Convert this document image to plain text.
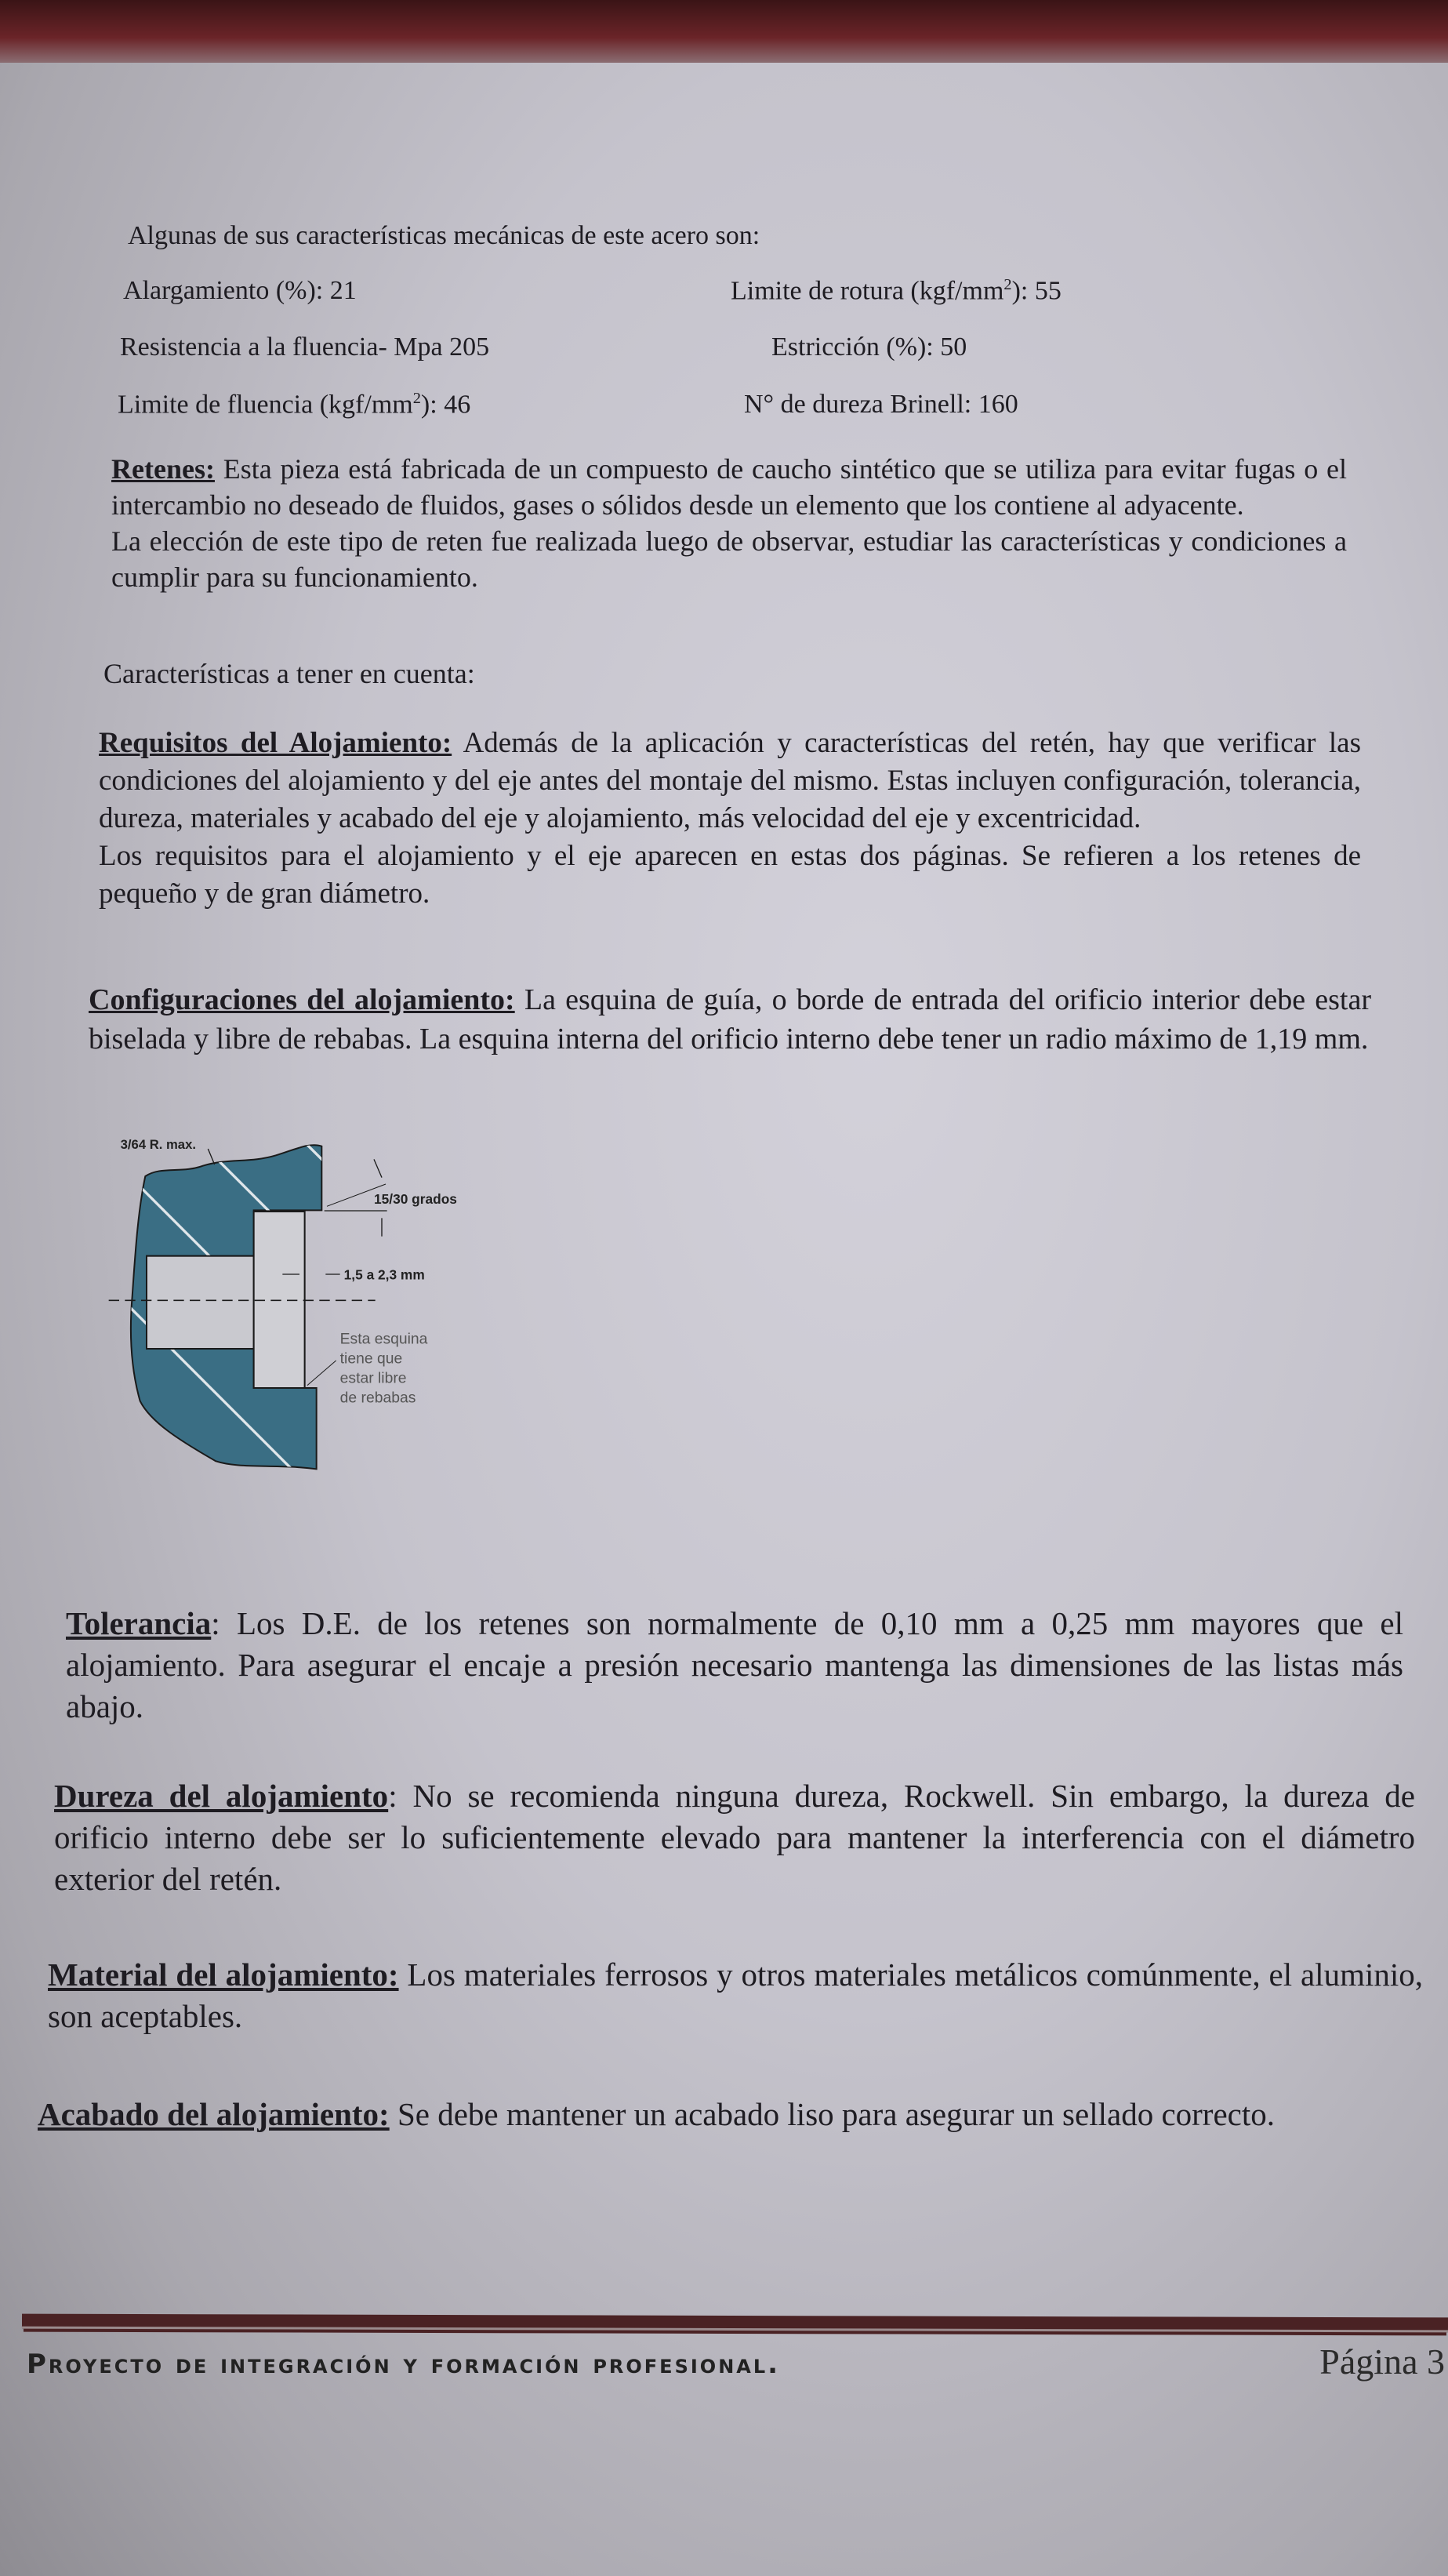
Algunas de sus características mecánicas de este acero son:
Alargamiento (%): 21	Limite de rotura $(kgf/mm^2)$: 55
Resistencia a la fluencia- Mpa 205	Estricción (%): 50
Limite de fluencia $(kgf/mm^2)$: 46	N° de dureza Brinell: 160
Retenes: Esta pieza está fabricada de un compuesto de caucho sintético que se utiliza para evitar fugas o el intercambio no deseado de fluidos, gases o sólidos desde un elemento que los contiene al adyacente.
La elección de este tipo de reten fue realizada luego de observar, estudiar las características y condiciones a cumplir para su funcionamiento.
Características a tener en cuenta:
Requisitos del Alojamiento: Además de la aplicación y características del retén, hay que verificar las condiciones del alojamiento y del eje antes del montaje del mismo. Estas incluyen configuración, tolerancia, dureza, materiales y acabado del eje y alojamiento, más velocidad del eje y excentricidad.
Los requisitos para el alojamiento y el eje aparecen en estas dos páginas. Se refieren a los retenes de pequeño y de gran diámetro.
Configuraciones del alojamiento: La esquina de guía, o borde de entrada del orificio interior debe estar biselada y libre de rebabas. La esquina interna del orificio interno debe tener un radio máximo de 1,19 mm.
3/64 R. max.
15/30 grados
1,5 a 2,3 mm
Esta esquina
tiene que
estar libre
de rebabas
Tolerancia: Los D.E. de los retenes son normalmente de 0,10 mm a 0,25 mm mayores que el alojamiento. Para asegurar el encaje a presión necesario mantenga las dimensiones de las listas más abajo.
Dureza del alojamiento: No se recomienda ninguna dureza, Rockwell. Sin embargo, la dureza de orificio interno debe ser lo suficientemente elevado para mantener la interferencia con el diámetro exterior del retén.
Material del alojamiento: Los materiales ferrosos y otros materiales metálicos comúnmente, el aluminio, son aceptables.
Acabado del alojamiento: Se debe mantener un acabado liso para asegurar un sellado correcto.
Proyecto de integración y formación profesional.	Página 3
